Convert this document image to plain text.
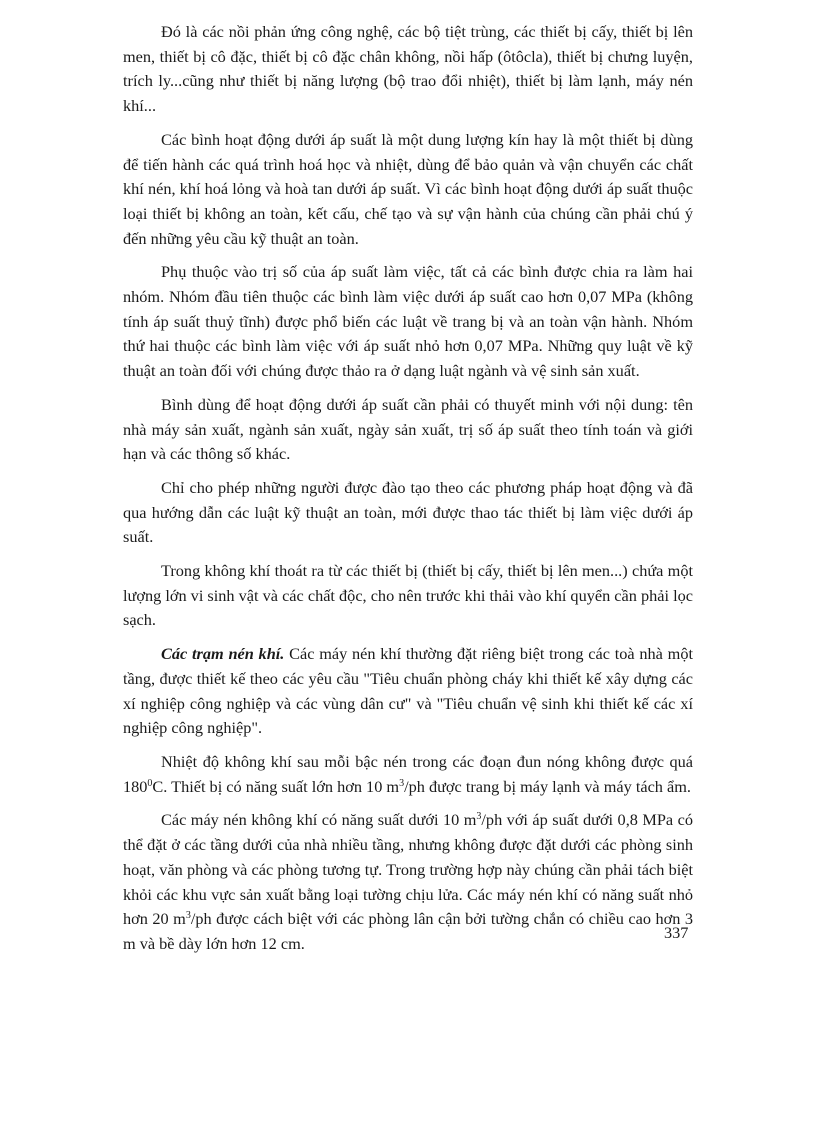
Đó là các nồi phản ứng công nghệ, các bộ tiệt trùng, các thiết bị cấy, thiết bị lên men, thiết bị cô đặc, thiết bị cô đặc chân không, nồi hấp (ôtôcla), thiết bị chưng luyện, trích ly...cũng như thiết bị năng lượng (bộ trao đổi nhiệt), thiết bị làm lạnh, máy nén khí...

Các bình hoạt động dưới áp suất là một dung lượng kín hay là một thiết bị dùng để tiến hành các quá trình hoá học và nhiệt, dùng để bảo quản và vận chuyển các chất khí nén, khí hoá lỏng và hoà tan dưới áp suất. Vì các bình hoạt động dưới áp suất thuộc loại thiết bị không an toàn, kết cấu, chế tạo và sự vận hành của chúng cần phải chú ý đến những yêu cầu kỹ thuật an toàn.

Phụ thuộc vào trị số của áp suất làm việc, tất cả các bình được chia ra làm hai nhóm. Nhóm đầu tiên thuộc các bình làm việc dưới áp suất cao hơn 0,07 MPa (không tính áp suất thuỷ tĩnh) được phổ biến các luật về trang bị và an toàn vận hành. Nhóm thứ hai thuộc các bình làm việc với áp suất nhỏ hơn 0,07 MPa. Những quy luật về kỹ thuật an toàn đối với chúng được thảo ra ở dạng luật ngành và vệ sinh sản xuất.

Bình dùng để hoạt động dưới áp suất cần phải có thuyết minh với nội dung: tên nhà máy sản xuất, ngành sản xuất, ngày sản xuất, trị số áp suất theo tính toán và giới hạn và các thông số khác.

Chỉ cho phép những người được đào tạo theo các phương pháp hoạt động và đã qua hướng dẫn các luật kỹ thuật an toàn, mới được thao tác thiết bị làm việc dưới áp suất.

Trong không khí thoát ra từ các thiết bị (thiết bị cấy, thiết bị lên men...) chứa một lượng lớn vi sinh vật và các chất độc, cho nên trước khi thải vào khí quyển cần phải lọc sạch.

Các trạm nén khí. Các máy nén khí thường đặt riêng biệt trong các toà nhà một tầng, được thiết kế theo các yêu cầu "Tiêu chuẩn phòng cháy khi thiết kế xây dựng các xí nghiệp công nghiệp và các vùng dân cư" và "Tiêu chuẩn vệ sinh khi thiết kế các xí nghiệp công nghiệp".

Nhiệt độ không khí sau mỗi bậc nén trong các đoạn đun nóng không được quá $180^0C$. Thiết bị có năng suất lớn hơn 10 $m^3/ph$ được trang bị máy lạnh và máy tách ẩm.

Các máy nén không khí có năng suất dưới 10 $m^3/ph$ với áp suất dưới 0,8 MPa có thể đặt ở các tầng dưới của nhà nhiều tầng, nhưng không được đặt dưới các phòng sinh hoạt, văn phòng và các phòng tương tự. Trong trường hợp này chúng cần phải tách biệt khỏi các khu vực sản xuất bằng loại tường chịu lửa. Các máy nén khí có năng suất nhỏ hơn 20 $m^3/ph$ được cách biệt với các phòng lân cận bởi tường chắn có chiều cao hơn 3 m và bề dày lớn hơn 12 cm.

337
